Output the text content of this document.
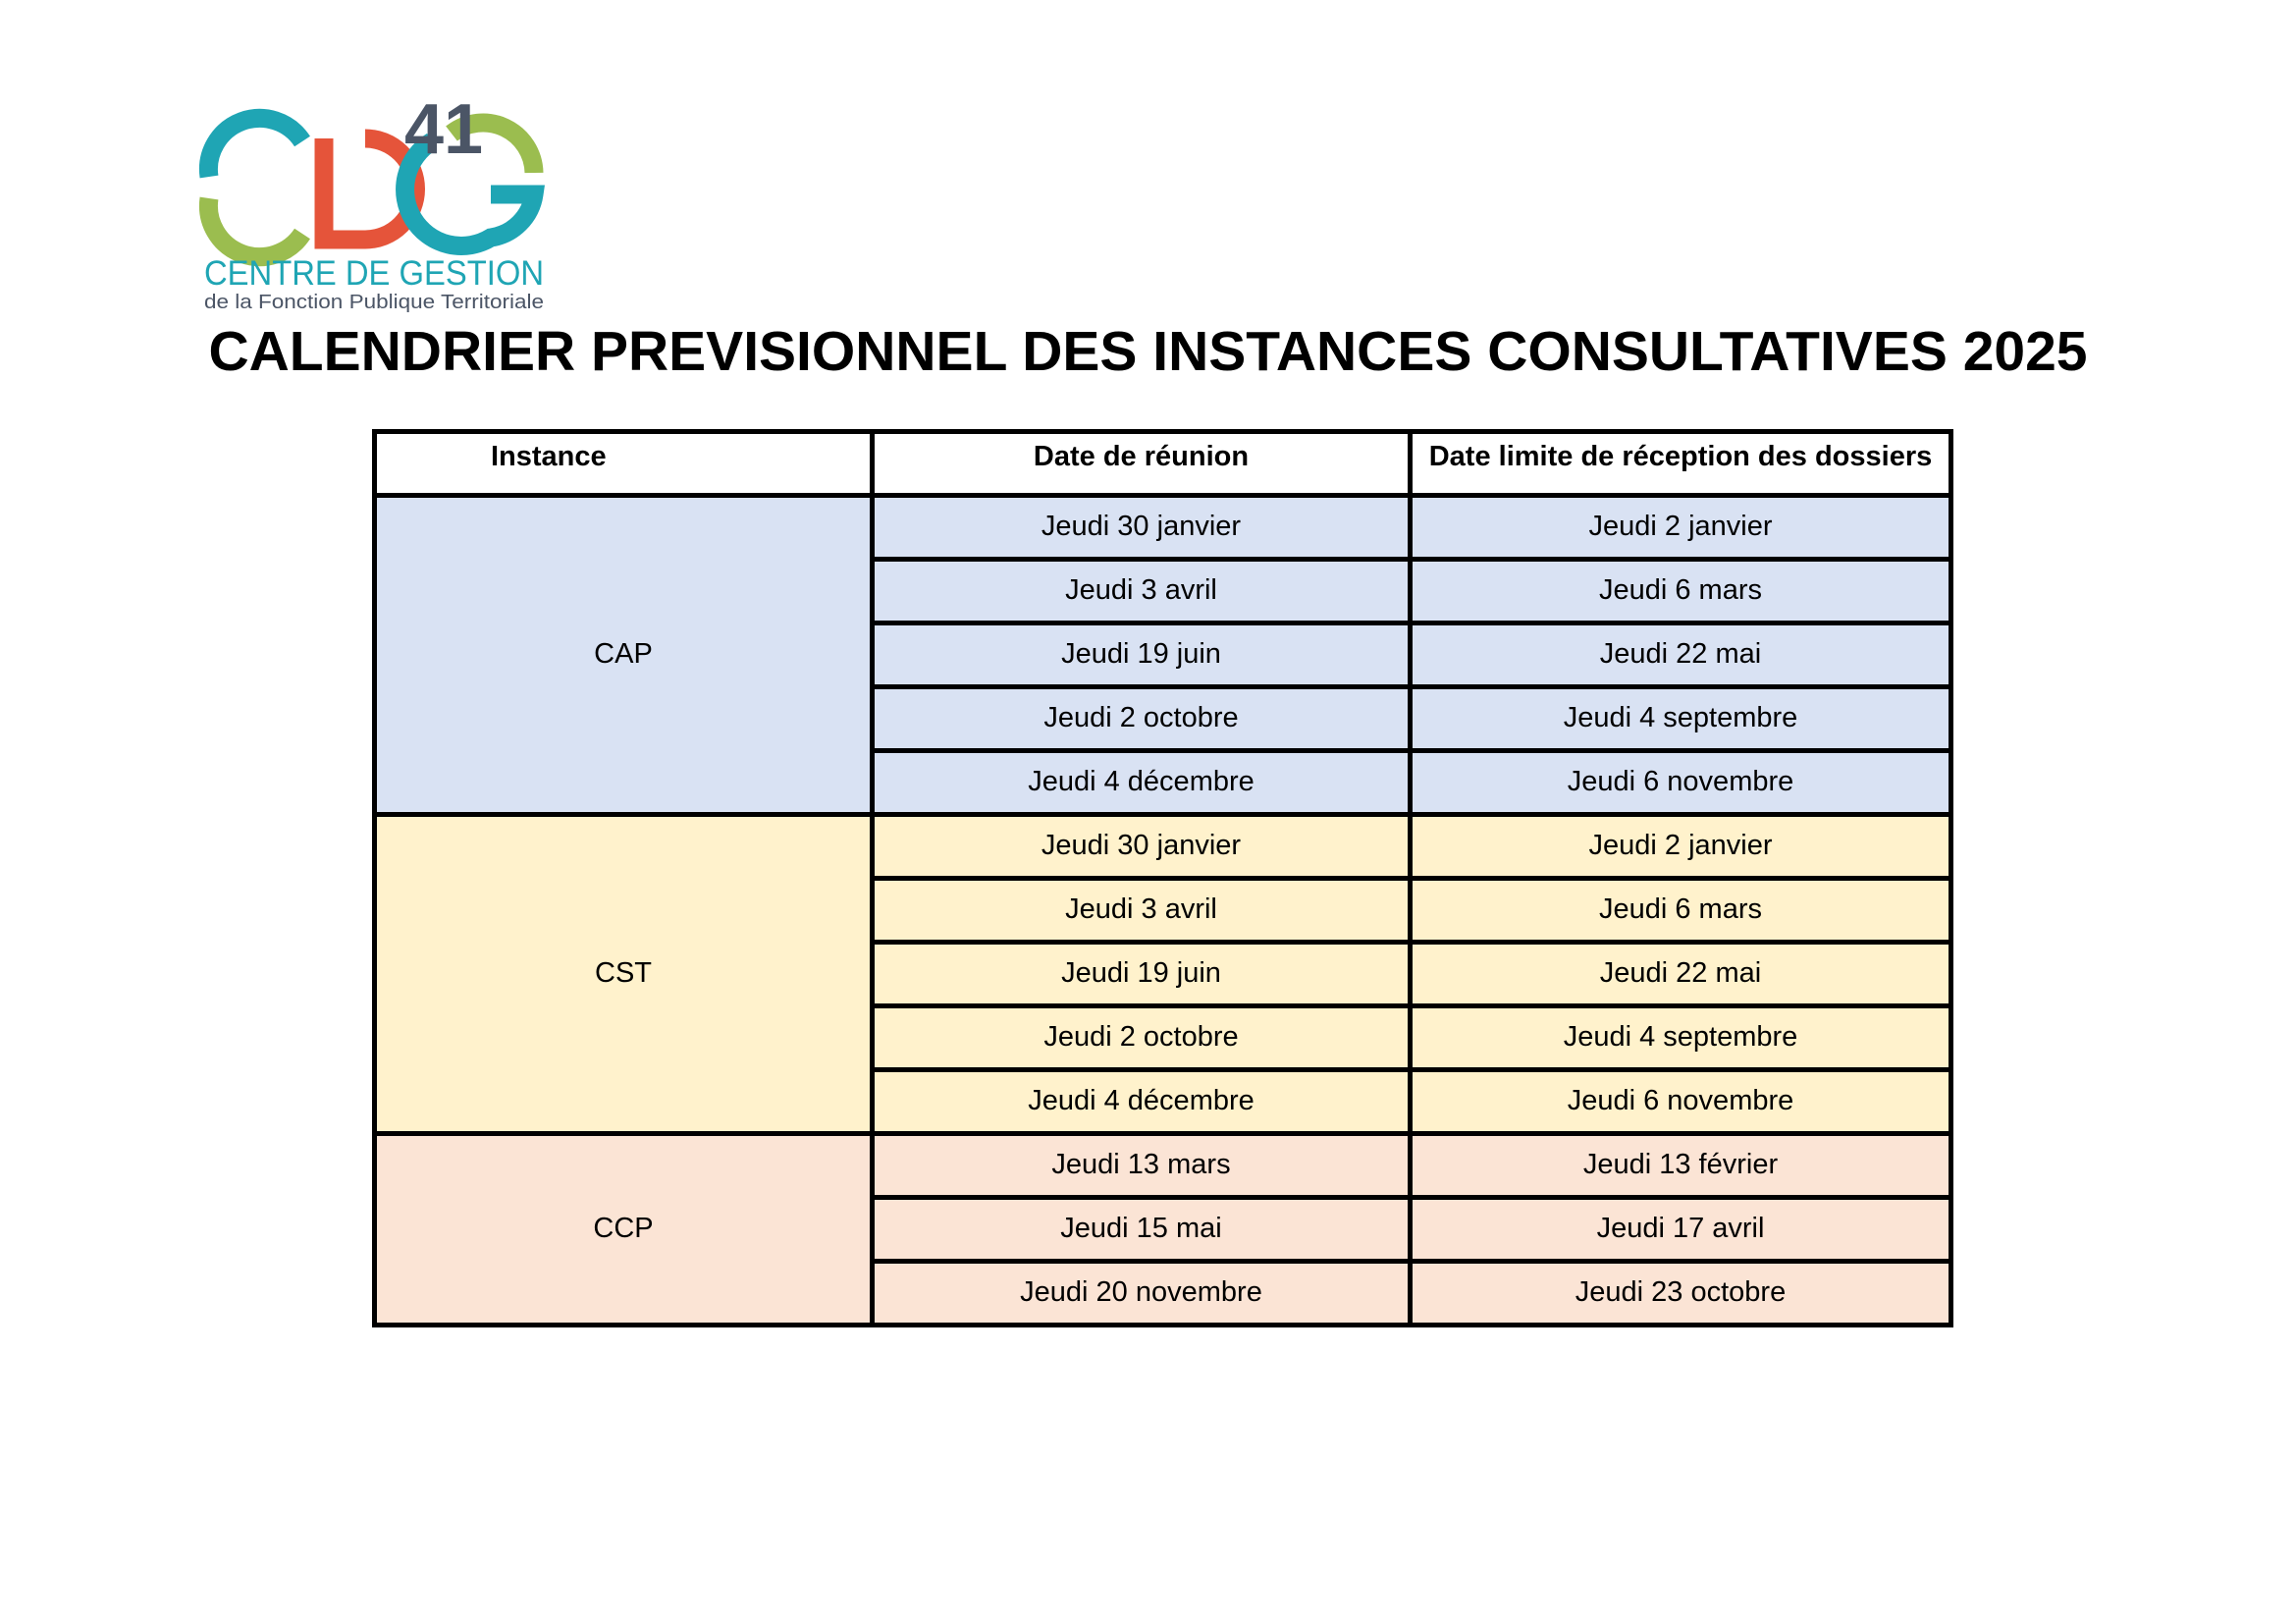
41
CENTRE DE GESTION
de la Fonction Publique Territoriale
CALENDRIER PREVISIONNEL DES INSTANCES CONSULTATIVES 2025
Instance	Date de réunion	Date limite de réception des dossiers
CAP	Jeudi 30 janvier	Jeudi 2 janvier
	Jeudi 3 avril	Jeudi 6 mars
	Jeudi 19 juin	Jeudi 22 mai
	Jeudi 2 octobre	Jeudi 4 septembre
	Jeudi 4 décembre	Jeudi 6 novembre
CST	Jeudi 30 janvier	Jeudi 2 janvier
	Jeudi 3 avril	Jeudi 6 mars
	Jeudi 19 juin	Jeudi 22 mai
	Jeudi 2 octobre	Jeudi 4 septembre
	Jeudi 4 décembre	Jeudi 6 novembre
CCP	Jeudi 13 mars	Jeudi 13 février
	Jeudi 15 mai	Jeudi 17 avril
	Jeudi 20 novembre	Jeudi 23 octobre
